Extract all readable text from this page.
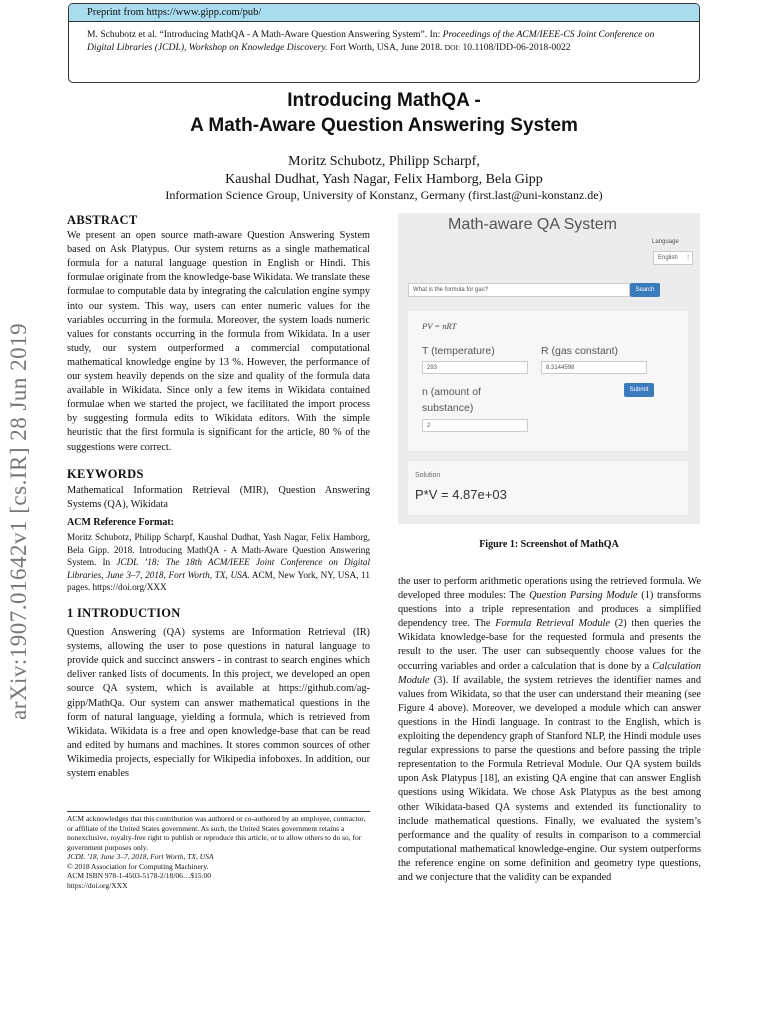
arXiv:1907.01642v1 [cs.IR] 28 Jun 2019
Preprint from https://www.gipp.com/pub/
M. Schubotz et al. “Introducing MathQA - A Math-Aware Question Answering System”. In: Proceedings of the ACM/IEEE-CS Joint Conference on Digital Libraries (JCDL), Workshop on Knowledge Discovery. Fort Worth, USA, June 2018. DOI: 10.1108/IDD-06-2018-0022
Introducing MathQA -
A Math-Aware Question Answering System
Moritz Schubotz, Philipp Scharpf,
Kaushal Dudhat, Yash Nagar, Felix Hamborg, Bela Gipp
Information Science Group, University of Konstanz, Germany (first.last@uni-konstanz.de)
ABSTRACT
We present an open source math-aware Question Answering System based on Ask Platypus. Our system returns as a single mathematical formula for a natural language question in English or Hindi. This formulae originate from the knowledge-base Wikidata. We translate these formulae to computable data by integrating the calculation engine sympy into our system. This way, users can enter numeric values for the variables occurring in the formula. Moreover, the system loads numeric values for constants occurring in the formula from Wikidata. In a user study, our system outperformed a commercial computational mathematical knowledge engine by 13 %. However, the performance of our system heavily depends on the size and quality of the formula data available in Wikidata. Since only a few items in Wikidata contained formulae when we started the project, we facilitated the import process by suggesting formula edits to Wikidata editors. With the simple heuristic that the first formula is significant for the article, 80 % of the suggestions were correct.
KEYWORDS
Mathematical Information Retrieval (MIR), Question Answering Systems (QA), Wikidata
ACM Reference Format:
Moritz Schubotz, Philipp Scharpf, Kaushal Dudhat, Yash Nagar, Felix Hamborg, Bela Gipp. 2018. Introducing MathQA - A Math-Aware Question Answering System. In JCDL ’18: The 18th ACM/IEEE Joint Conference on Digital Libraries, June 3–7, 2018, Fort Worth, TX, USA. ACM, New York, NY, USA, 11 pages. https://doi.org/XXX
1 INTRODUCTION
Question Answering (QA) systems are Information Retrieval (IR) systems, allowing the user to pose questions in natural language to provide quick and succinct answers - in contrast to search engines which deliver ranked lists of documents. In this project, we developed an open source QA system, which is available at https://github.com/ag-gipp/MathQa. Our system can answer mathematical questions in the form of natural language, yielding a formula, which is retrieved from Wikidata. Wikidata is a free and open knowledge-base that can be read and edited by humans and machines. It stores common sources of other Wikimedia projects, especially for Wikipedia infoboxes. In addition, our system enables
ACM acknowledges that this contribution was authored or co-authored by an employee, contractor, or affiliate of the United States government. As such, the United States government retains a nonexclusive, royalty-free right to publish or reproduce this article, or to allow others to do so, for government purposes only.
JCDL ’18, June 3–7, 2018, Fort Worth, TX, USA
© 2018 Association for Computing Machinery.
ACM ISBN 978-1-4503-5178-2/18/06…$15.00
https://doi.org/XXX
Math-aware QA System
Language
English ⁝
What is the formula for gas?	Search
PV = nRT
T (temperature)
293
R (gas constant)
8.3144598
Submit
n (amount of
substance)
2
Solution
P*V = 4.87e+03
Figure 1: Screenshot of MathQA
the user to perform arithmetic operations using the retrieved formula. We developed three modules: The Question Parsing Module (1) transforms questions into a triple representation and produces a simplified dependency tree. The Formula Retrieval Module (2) then queries the Wikidata knowledge-base for the requested formula and presents the result to the user. The user can subsequently choose values for the occurring variables and order a calculation that is done by a Calculation Module (3). If available, the system retrieves the identifier names and values from Wikidata, so that the user can understand their meaning (see Figure 4 above). Moreover, we developed a module which can answer questions in the Hindi language. In contrast to the English, which is exploiting the dependency graph of Stanford NLP, the Hindi module uses regular expressions to parse the questions and before passing the triple representation to the Formula Retrieval Module. Our QA system builds upon Ask Platypus [18], an existing QA engine that can answer English questions using Wikidata. We chose Ask Platypus as the best among other Wikidata-based QA systems and extended its functionality to include mathematical questions. Finally, we evaluated the system’s performance and the quality of results in comparison to a commercial computational mathematical knowledge-engine. Our system outperforms the reference engine on some definition and geometry type questions, and we conjecture that the validity can be expanded
